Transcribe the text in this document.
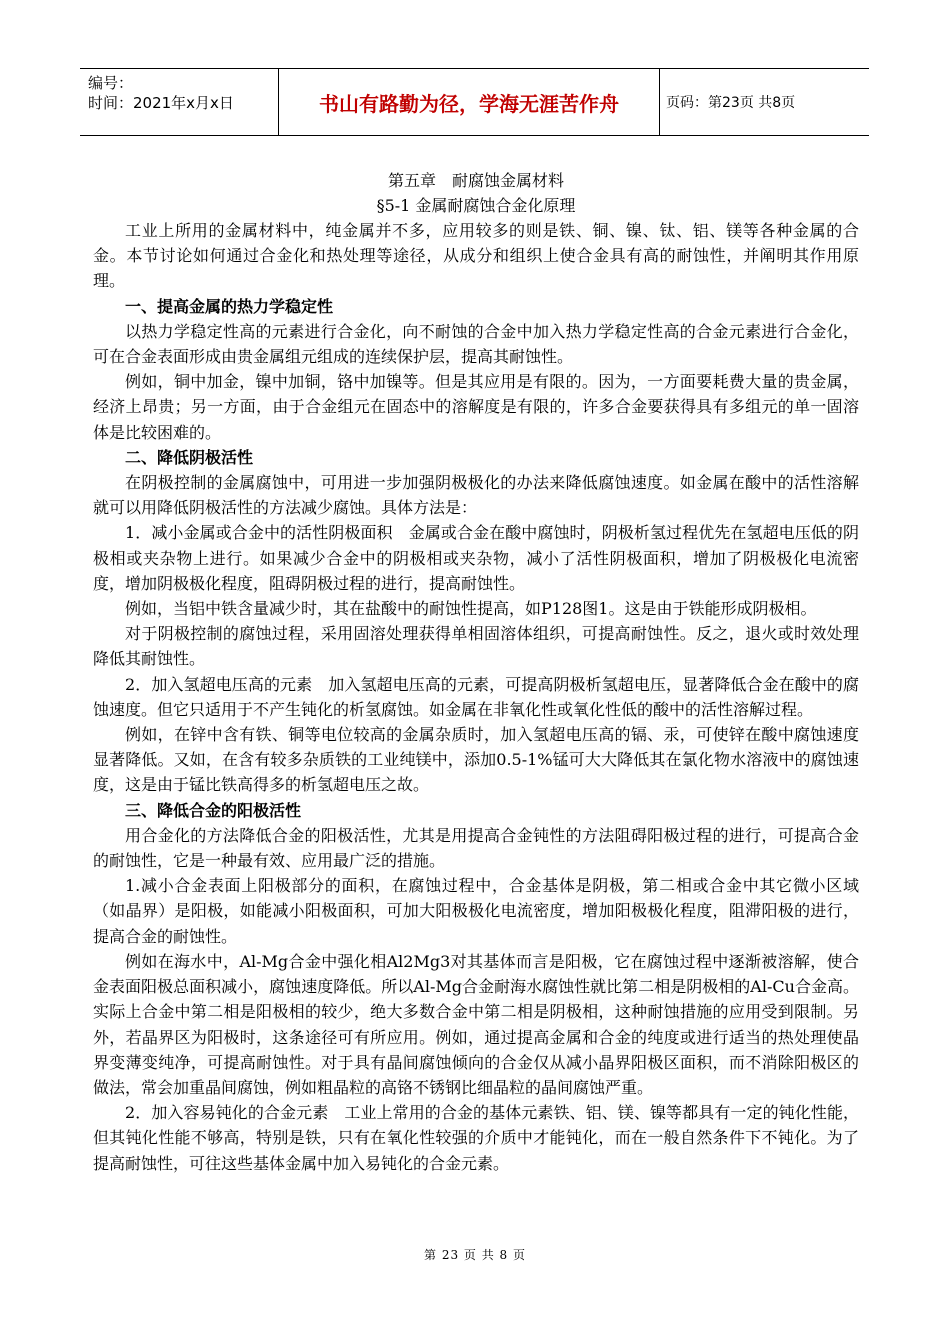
编号：
时间：2021年x月x日	书山有路勤为径，学海无涯苦作舟	页码：第23页 共8页
第五章　耐腐蚀金属材料
§5-1 金属耐腐蚀合金化原理

工业上所用的金属材料中，纯金属并不多，应用较多的则是铁、铜、镍、钛、铝、镁等各种金属的合金。本节讨论如何通过合金化和热处理等途径，从成分和组织上使合金具有高的耐蚀性，并阐明其作用原理。

一、提高金属的热力学稳定性

以热力学稳定性高的元素进行合金化，向不耐蚀的合金中加入热力学稳定性高的合金元素进行合金化，可在合金表面形成由贵金属组元组成的连续保护层，提高其耐蚀性。

例如，铜中加金，镍中加铜，铬中加镍等。但是其应用是有限的。因为，一方面要耗费大量的贵金属，经济上昂贵；另一方面，由于合金组元在固态中的溶解度是有限的，许多合金要获得具有多组元的单一固溶体是比较困难的。

二、降低阴极活性

在阴极控制的金属腐蚀中，可用进一步加强阴极极化的办法来降低腐蚀速度。如金属在酸中的活性溶解就可以用降低阴极活性的方法减少腐蚀。具体方法是：

1．减小金属或合金中的活性阴极面积　金属或合金在酸中腐蚀时，阴极析氢过程优先在氢超电压低的阴极相或夹杂物上进行。如果减少合金中的阴极相或夹杂物，减小了活性阴极面积，增加了阴极极化电流密度，增加阴极极化程度，阻碍阴极过程的进行，提高耐蚀性。

例如，当铝中铁含量减少时，其在盐酸中的耐蚀性提高，如P128图1。这是由于铁能形成阴极相。

对于阴极控制的腐蚀过程，采用固溶处理获得单相固溶体组织，可提高耐蚀性。反之，退火或时效处理降低其耐蚀性。

2．加入氢超电压高的元素　加入氢超电压高的元素，可提高阴极析氢超电压，显著降低合金在酸中的腐蚀速度。但它只适用于不产生钝化的析氢腐蚀。如金属在非氧化性或氧化性低的酸中的活性溶解过程。

例如，在锌中含有铁、铜等电位较高的金属杂质时，加入氢超电压高的镉、汞，可使锌在酸中腐蚀速度显著降低。又如，在含有较多杂质铁的工业纯镁中，添加0.5-1%锰可大大降低其在氯化物水溶液中的腐蚀速度，这是由于锰比铁高得多的析氢超电压之故。

三、降低合金的阳极活性

用合金化的方法降低合金的阳极活性，尤其是用提高合金钝性的方法阻碍阳极过程的进行，可提高合金的耐蚀性，它是一种最有效、应用最广泛的措施。

1.减小合金表面上阳极部分的面积，在腐蚀过程中，合金基体是阴极，第二相或合金中其它微小区域（如晶界）是阳极，如能减小阳极面积，可加大阳极极化电流密度，增加阳极极化程度，阻滞阳极的进行，提高合金的耐蚀性。

例如在海水中，Al-Mg合金中强化相Al2Mg3对其基体而言是阳极，它在腐蚀过程中逐渐被溶解，使合金表面阳极总面积减小，腐蚀速度降低。所以Al-Mg合金耐海水腐蚀性就比第二相是阴极相的Al-Cu合金高。实际上合金中第二相是阳极相的较少，绝大多数合金中第二相是阴极相，这种耐蚀措施的应用受到限制。另外，若晶界区为阳极时，这条途径可有所应用。例如，通过提高金属和合金的纯度或进行适当的热处理使晶界变薄变纯净，可提高耐蚀性。对于具有晶间腐蚀倾向的合金仅从减小晶界阳极区面积，而不消除阳极区的做法，常会加重晶间腐蚀，例如粗晶粒的高铬不锈钢比细晶粒的晶间腐蚀严重。

2．加入容易钝化的合金元素　工业上常用的合金的基体元素铁、铝、镁、镍等都具有一定的钝化性能，但其钝化性能不够高，特别是铁，只有在氧化性较强的介质中才能钝化，而在一般自然条件下不钝化。为了提高耐蚀性，可往这些基体金属中加入易钝化的合金元素。

第 23 页 共 8 页
